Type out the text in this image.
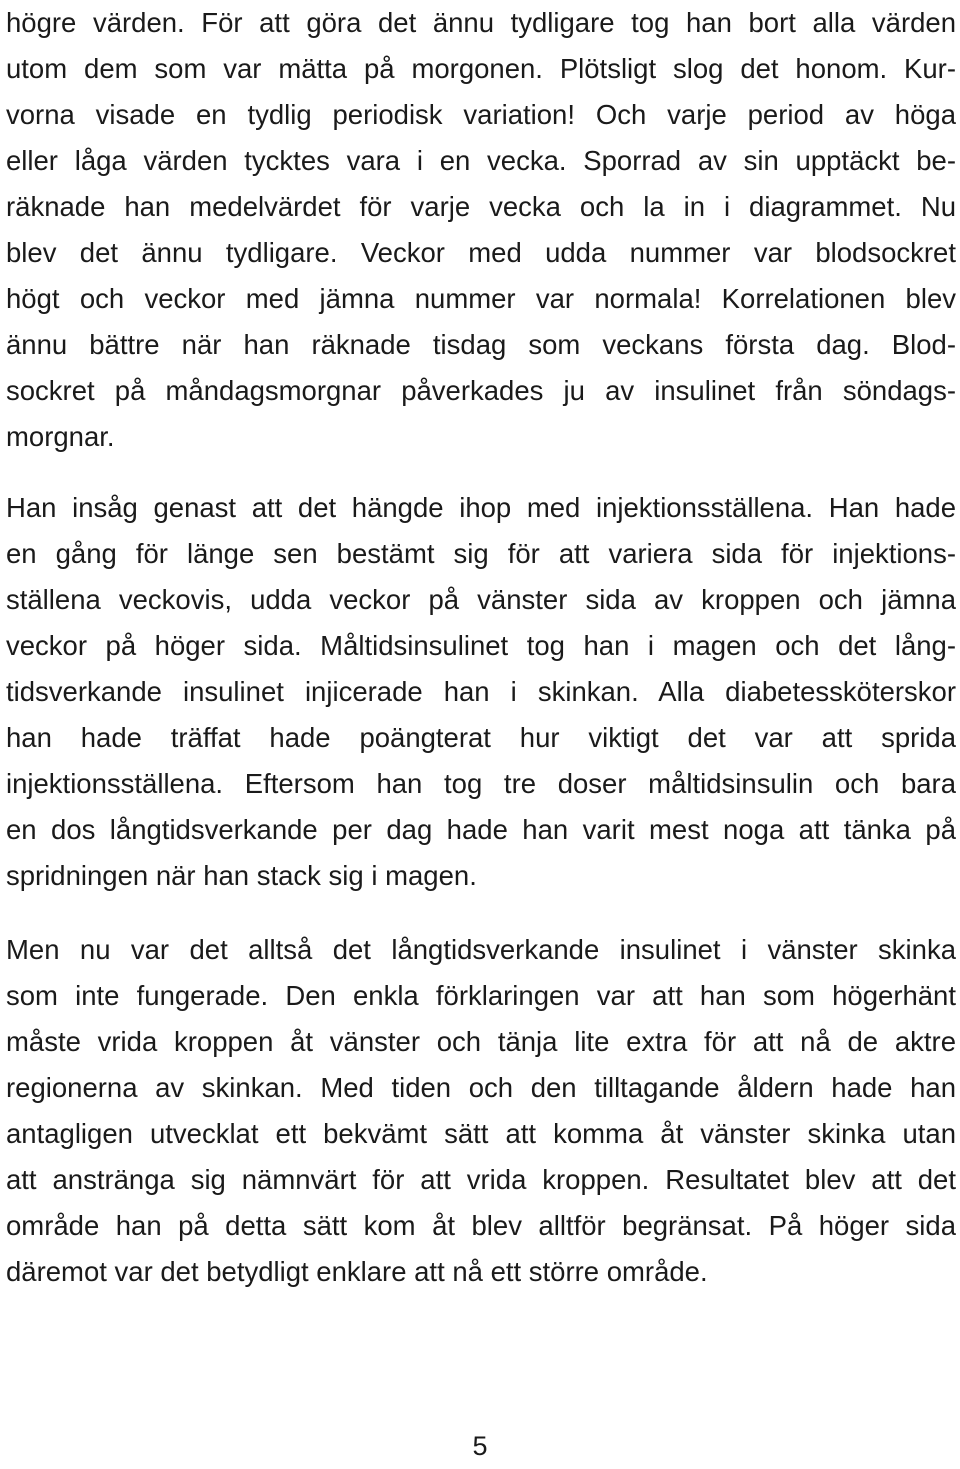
högre värden. För att göra det ännu tydligare tog han bort alla värden
utom dem som var mätta på morgonen. Plötsligt slog det honom. Kur-
vorna visade en tydlig periodisk variation! Och varje period av höga
eller låga värden tycktes vara i en vecka. Sporrad av sin upptäckt be-
räknade han medelvärdet för varje vecka och la in i diagrammet. Nu
blev det ännu tydligare. Veckor med udda nummer var blodsockret
högt och veckor med jämna nummer var normala! Korrelationen blev
ännu bättre när han räknade tisdag som veckans första dag. Blod-
sockret på måndagsmorgnar påverkades ju av insulinet från söndags-
morgnar.
Han insåg genast att det hängde ihop med injektionsställena. Han hade
en gång för länge sen bestämt sig för att variera sida för injektions-
ställena veckovis, udda veckor på vänster sida av kroppen och jämna
veckor på höger sida. Måltidsinsulinet tog han i magen och det lång-
tidsverkande insulinet injicerade han i skinkan. Alla diabetessköterskor
han hade träffat hade poängterat hur viktigt det var att sprida
injektionsställena. Eftersom han tog tre doser måltidsinsulin och bara
en dos långtidsverkande per dag hade han varit mest noga att tänka på
spridningen när han stack sig i magen.
Men nu var det alltså det långtidsverkande insulinet i vänster skinka
som inte fungerade. Den enkla förklaringen var att han som högerhänt
måste vrida kroppen åt vänster och tänja lite extra för att nå de aktre
regionerna av skinkan. Med tiden och den tilltagande åldern hade han
antagligen utvecklat ett bekvämt sätt att komma åt vänster skinka utan
att anstränga sig nämnvärt för att vrida kroppen. Resultatet blev att det
område han på detta sätt kom åt blev alltför begränsat. På höger sida
däremot var det betydligt enklare att nå ett större område.
5
